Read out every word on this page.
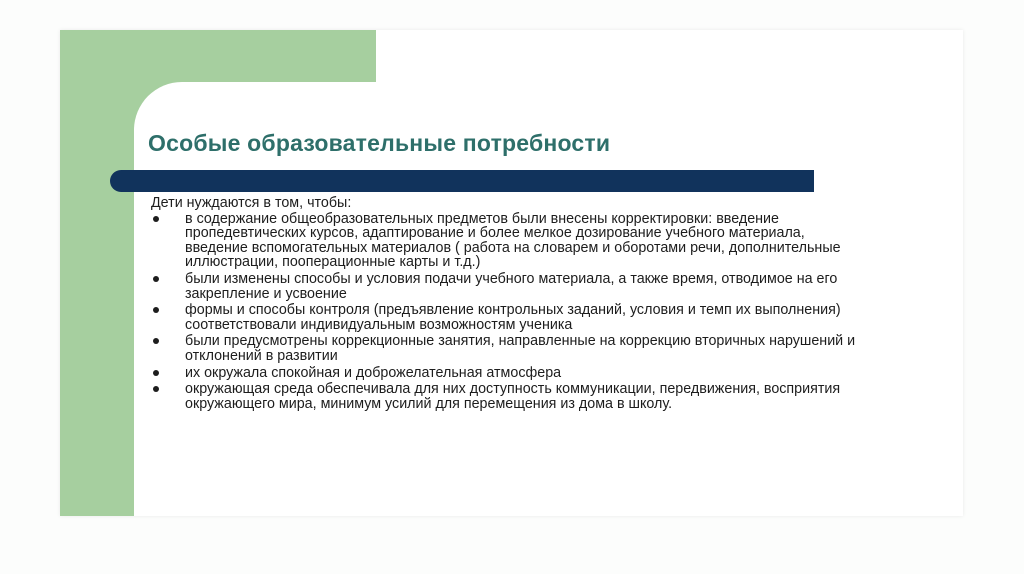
Особые образовательные потребности

Дети нуждаются в том, чтобы:

в содержание общеобразовательных предметов были внесены корректировки: введение пропедевтических курсов, адаптирование и более мелкое дозирование учебного материала, введение вспомогательных материалов ( работа на словарем и оборотами речи, дополнительные иллюстрации, пооперационные карты и т.д.)
были изменены способы и условия подачи учебного материала, а также время, отводимое на его закрепление и усвоение
формы и способы контроля (предъявление контрольных заданий, условия и темп их выполнения) соответствовали индивидуальным возможностям ученика
были предусмотрены коррекционные занятия, направленные на коррекцию вторичных нарушений и отклонений в развитии
их окружала спокойная и доброжелательная атмосфера
окружающая среда обеспечивала для них доступность коммуникации, передвижения, восприятия окружающего мира, минимум усилий для перемещения из дома в школу.
